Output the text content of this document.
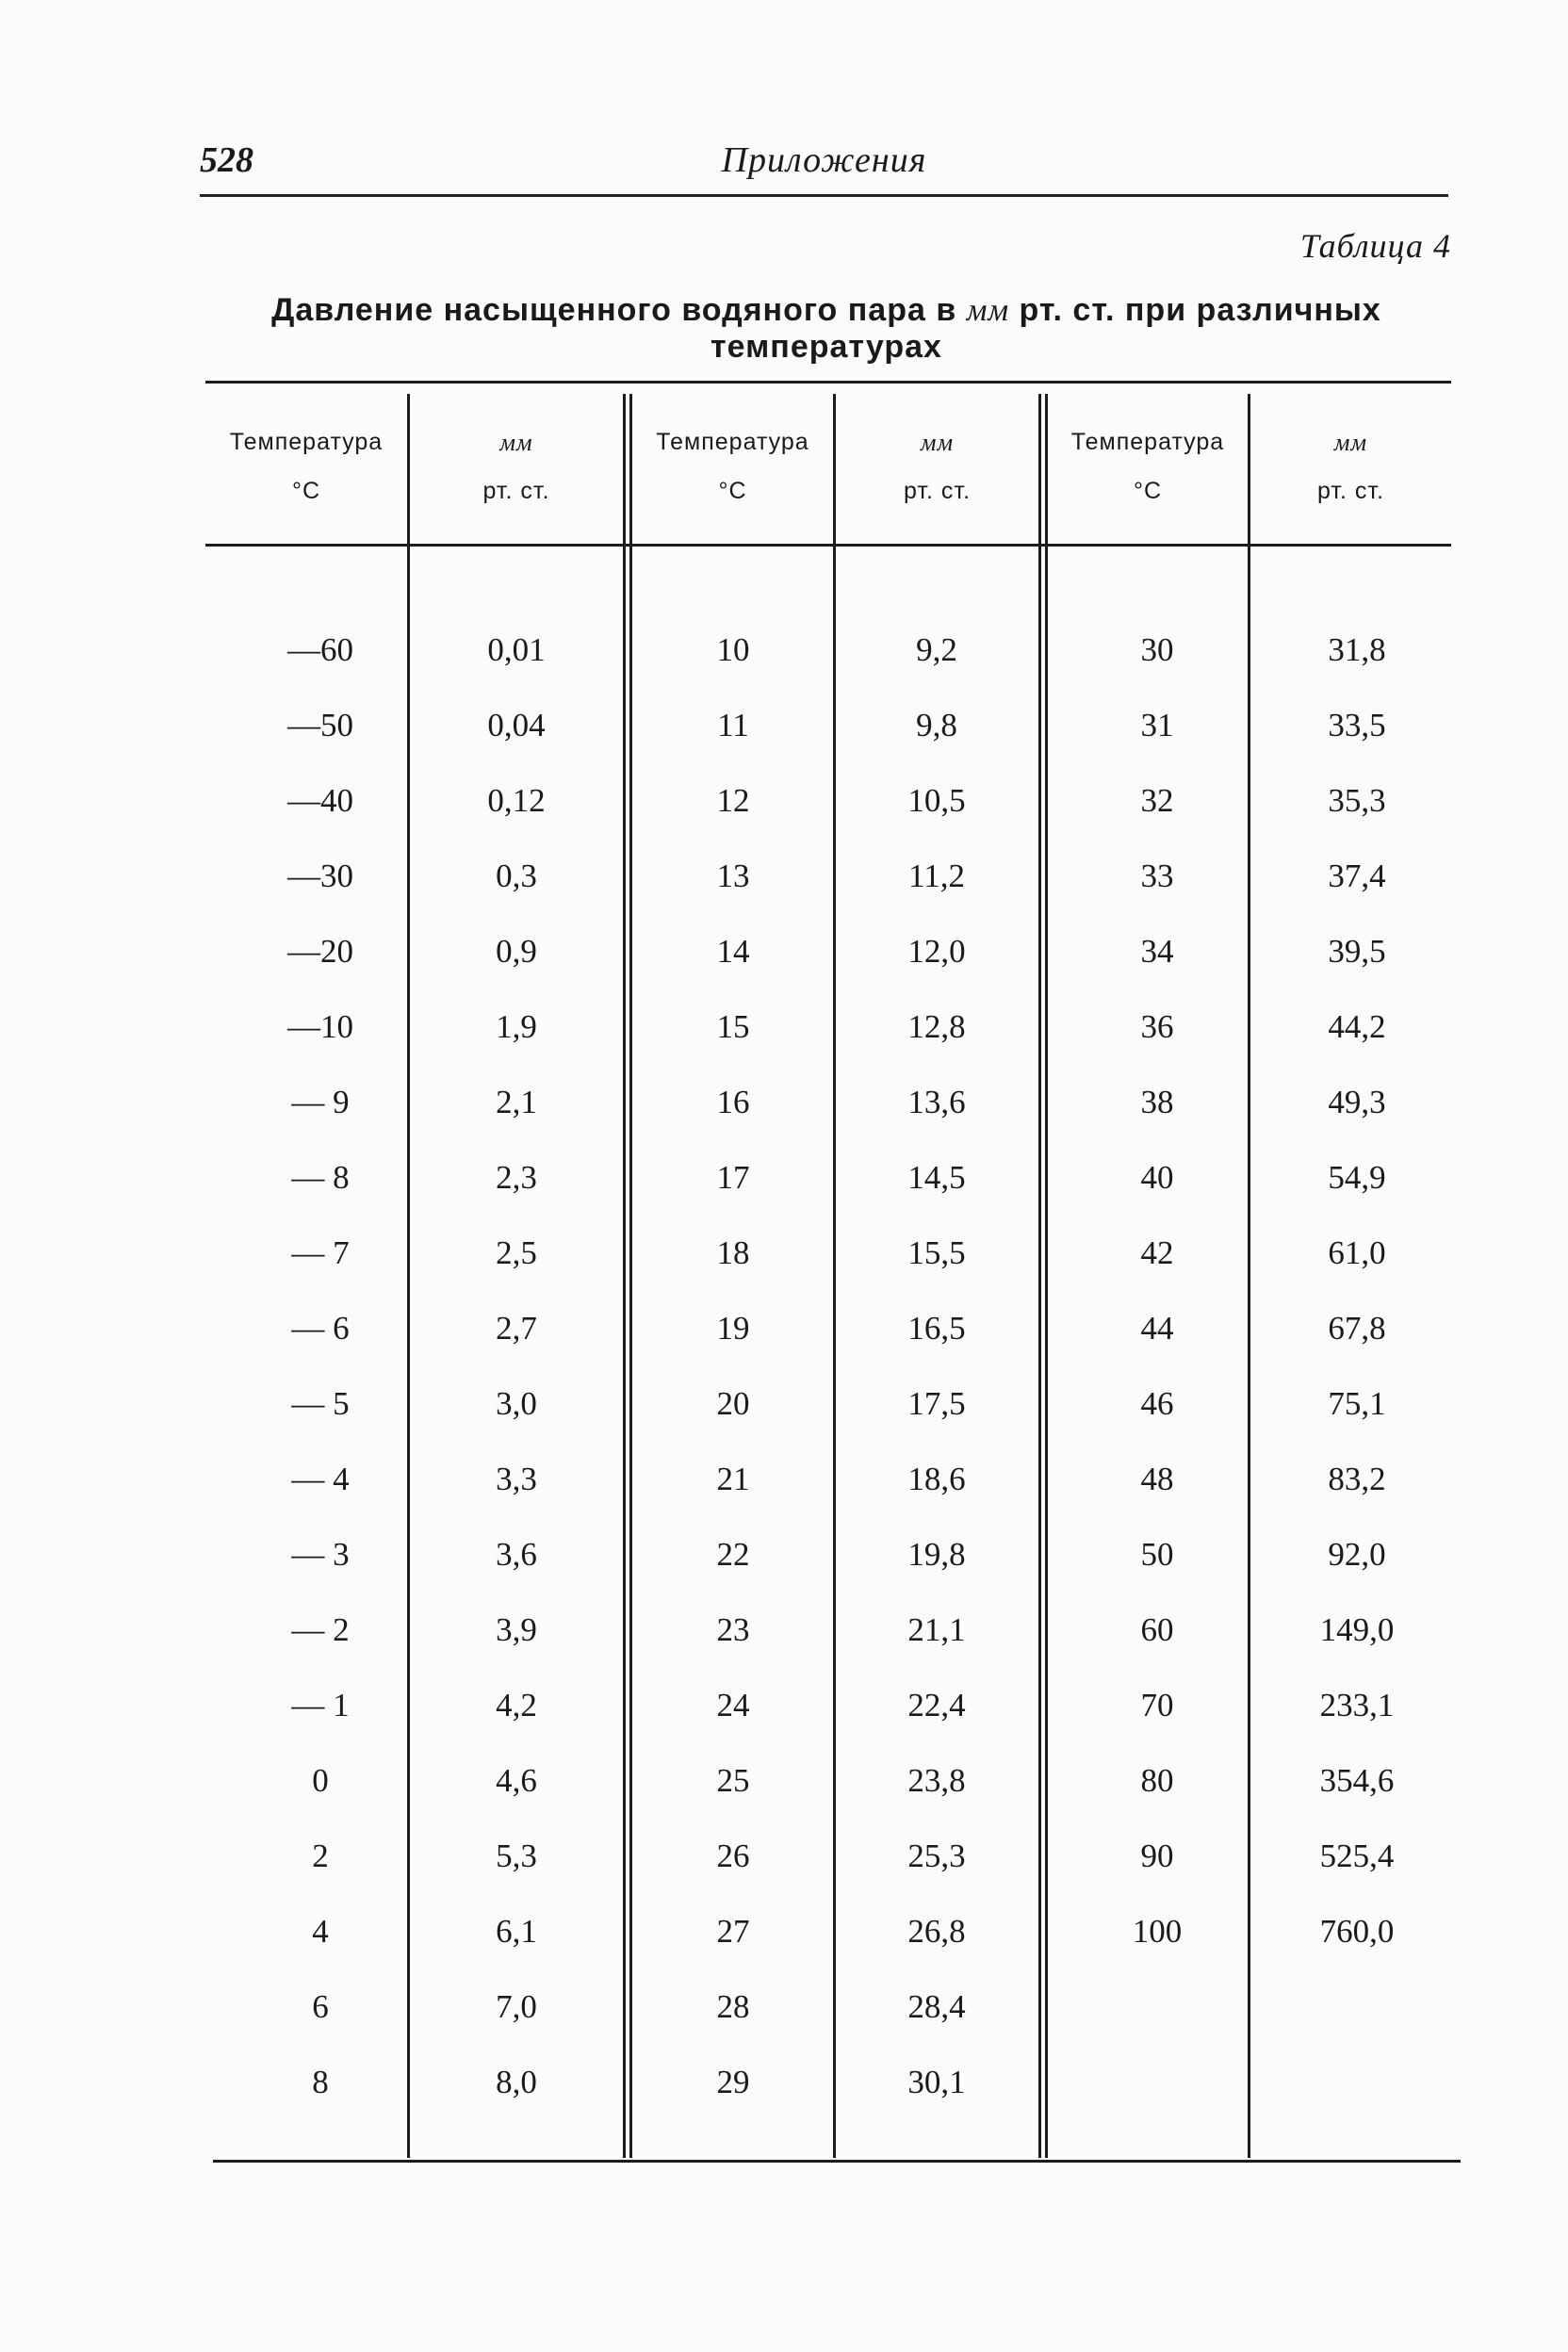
528	Приложения
Таблица 4
Давление насыщенного водяного пара в мм рт. ст. при различных
температурах
Температура
°С
мм
рт. ст.
Температура
°С
мм
рт. ст.
Температура
°С
мм
рт. ст.
—60
—50
—40
—30
—20
—10
— 9
— 8
— 7
— 6
— 5
— 4
— 3
— 2
— 1
0
2
4
6
8
0,01
0,04
0,12
0,3
0,9
1,9
2,1
2,3
2,5
2,7
3,0
3,3
3,6
3,9
4,2
4,6
5,3
6,1
7,0
8,0
10
11
12
13
14
15
16
17
18
19
20
21
22
23
24
25
26
27
28
29
9,2
9,8
10,5
11,2
12,0
12,8
13,6
14,5
15,5
16,5
17,5
18,6
19,8
21,1
22,4
23,8
25,3
26,8
28,4
30,1
30
31
32
33
34
36
38
40
42
44
46
48
50
60
70
80
90
100
31,8
33,5
35,3
37,4
39,5
44,2
49,3
54,9
61,0
67,8
75,1
83,2
92,0
149,0
233,1
354,6
525,4
760,0
